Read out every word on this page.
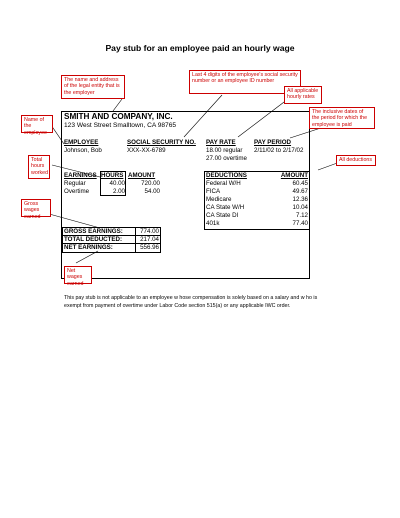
Pay stub for an employee paid an hourly wage
SMITH AND COMPANY, INC.
123 West Street Smalltown, CA 98765
EMPLOYEE
Johnson, Bob
SOCIAL SECURITY NO.
XXX-XX-6789
PAY RATE
18.00 regular
27.00 overtime
PAY PERIOD
2/11/02 to 2/17/02
EARNINGS HOURS AMOUNT
Regular	40.00	720.00
Overtime	2.00	54.00
DEDUCTIONS	AMOUNT
Federal W/H	60.45
FICA	49.67
Medicare	12.36
CA State W/H	10.04
CA State DI	7.12
401k	77.40
GROSS EARNINGS:	774.00
TOTAL DEDUCTED:	217.04
NET EARNINGS:	556.96
The name and address of the legal entity that is the employer
Last 4 digits of the employee's social security number or an employee ID number
All applicable hourly rates
The inclusive dates of the period for which the employee is paid
Name of the employee
Total hours worked
All deductions
Gross wages earned
Net wages earned
This pay stub is not applicable to an employee w hose compensation is solely based on a salary and w ho is exempt from payment of overtime under Labor Code section 515(a) or any applicable IWC order.
